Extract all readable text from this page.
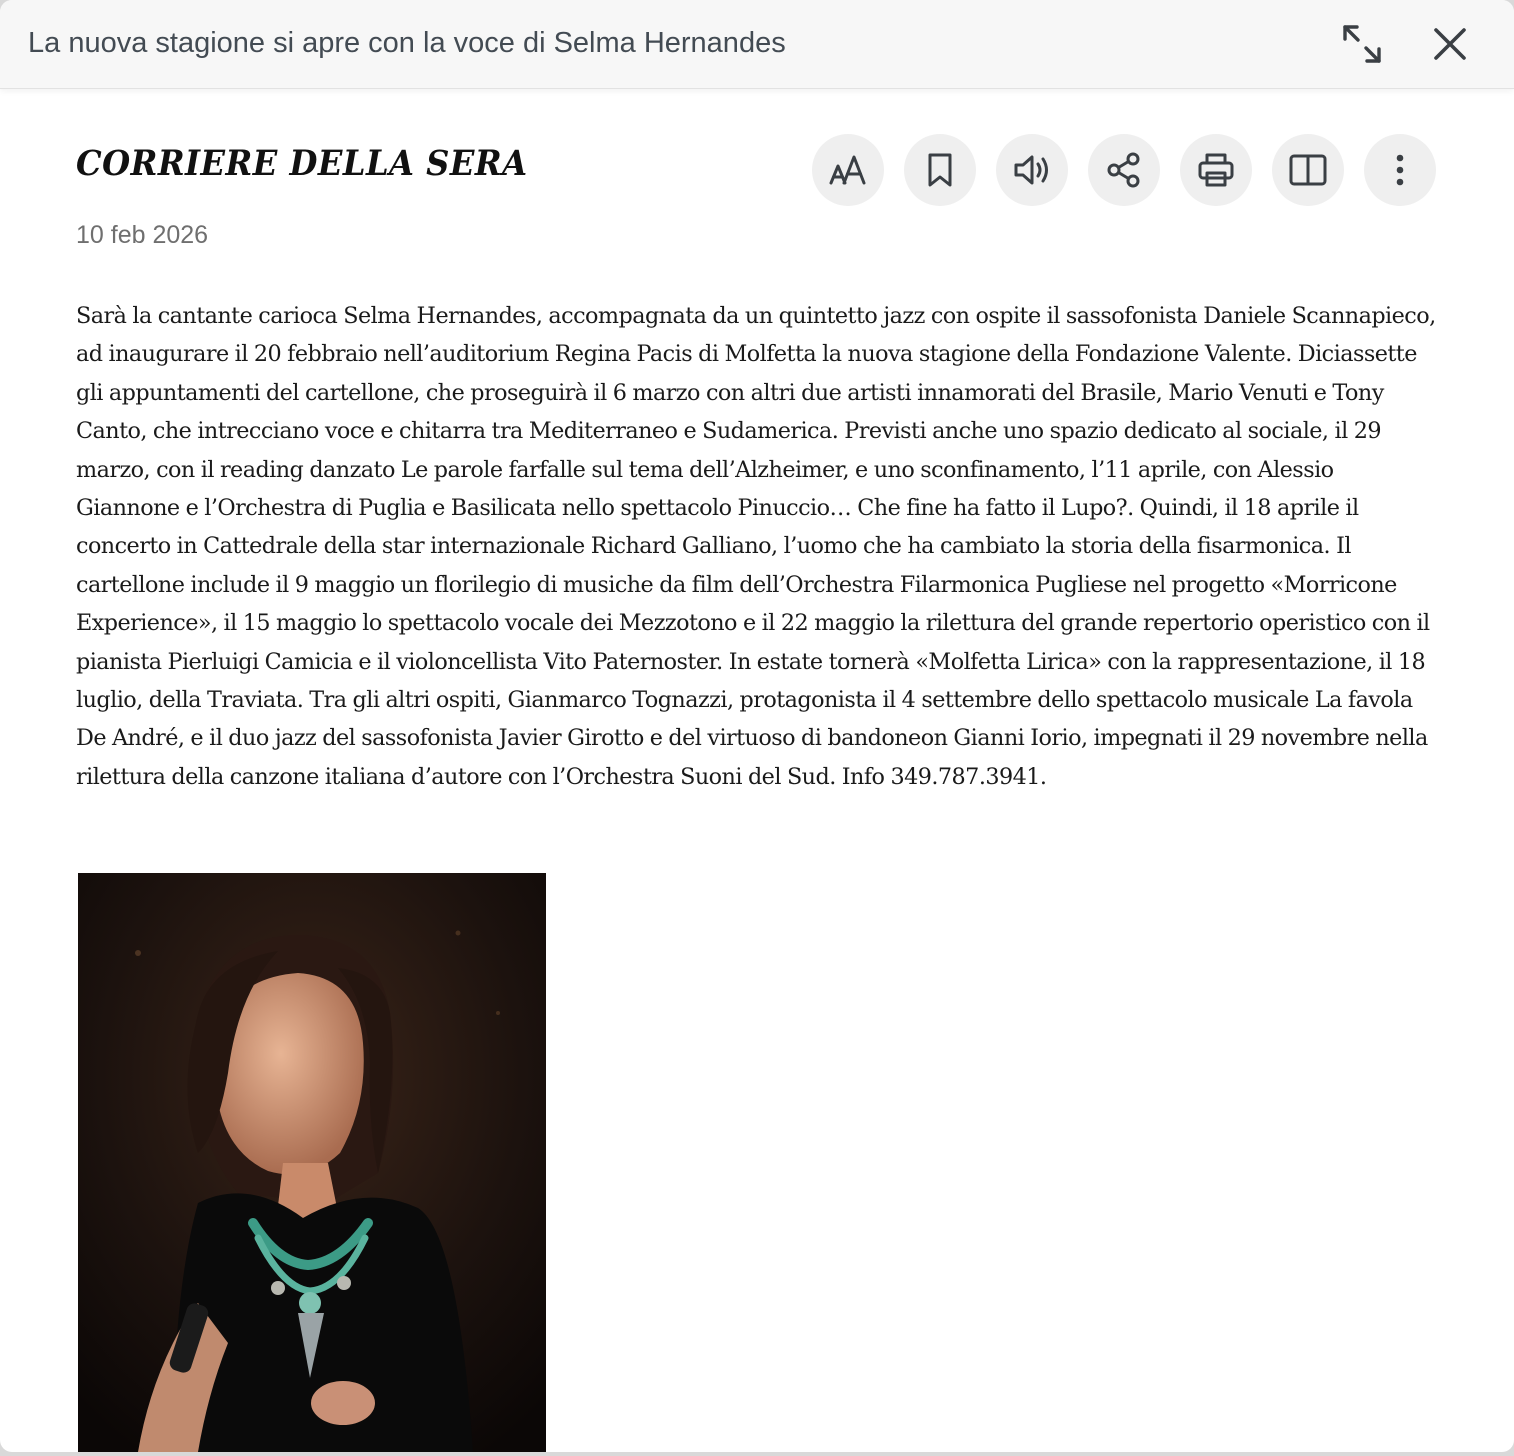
La nuova stagione si apre con la voce di Selma Hernandes
CORRIERE DELLA SERA
10 feb 2026

Sarà la cantante carioca Selma Hernandes, accompagnata da un quintetto jazz con ospite il sassofonista Daniele Scannapieco, ad inaugurare il 20 febbraio nell’auditorium Regina Pacis di Molfetta la nuova stagione della Fondazione Valente. Diciassette gli appuntamenti del cartellone, che proseguirà il 6 marzo con altri due artisti innamorati del Brasile, Mario Venuti e Tony Canto, che intrecciano voce e chitarra tra Mediterraneo e Sudamerica. Previsti anche uno spazio dedicato al sociale, il 29 marzo, con il reading danzato Le parole farfalle sul tema dell’Alzheimer, e uno sconfinamento, l’11 aprile, con Alessio Giannone e l’Orchestra di Puglia e Basilicata nello spettacolo Pinuccio… Che fine ha fatto il Lupo?. Quindi, il 18 aprile il concerto in Cattedrale della star internazionale Richard Galliano, l’uomo che ha cambiato la storia della fisarmonica. Il cartellone include il 9 maggio un florilegio di musiche da film dell’Orchestra Filarmonica Pugliese nel progetto «Morricone Experience», il 15 maggio lo spettacolo vocale dei Mezzotono e il 22 maggio la rilettura del grande repertorio operistico con il pianista Pierluigi Camicia e il violoncellista Vito Paternoster. In estate tornerà «Molfetta Lirica» con la rappresentazione, il 18 luglio, della Traviata. Tra gli altri ospiti, Gianmarco Tognazzi, protagonista il 4 settembre dello spettacolo musicale La favola De André, e il duo jazz del sassofonista Javier Girotto e del virtuoso di bandoneon Gianni Iorio, impegnati il 29 novembre nella rilettura della canzone italiana d’autore con l’Orchestra Suoni del Sud. Info 349.787.3941.
